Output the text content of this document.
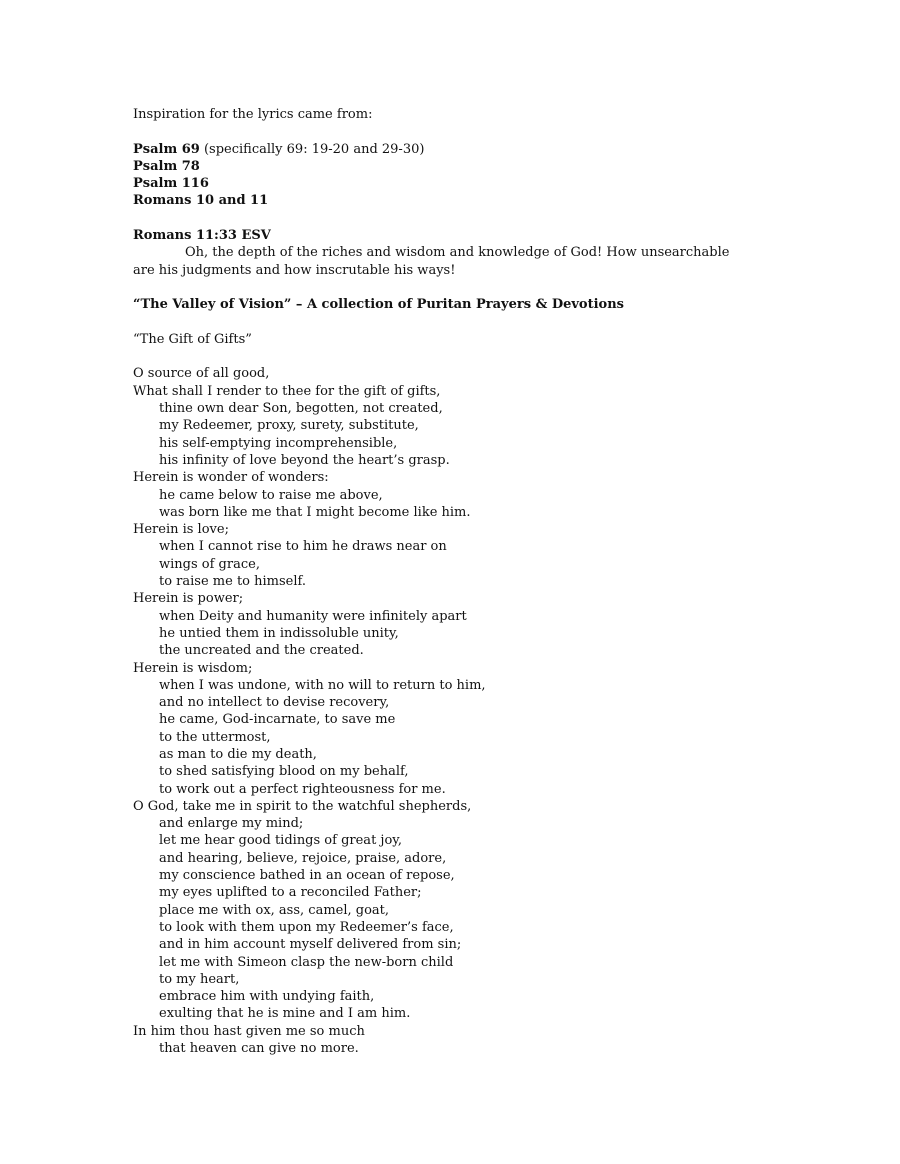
Inspiration for the lyrics came from:
Psalm 69 (specifically 69: 19-20 and 29-30)
Psalm 78
Psalm 116
Romans 10 and 11
Romans 11:33 ESV
Oh, the depth of the riches and wisdom and knowledge of God! How unsearchable are his judgments and how inscrutable his ways!
“The Valley of Vision” – A collection of Puritan Prayers & Devotions
“The Gift of Gifts”
O source of all good,
What shall I render to thee for the gift of gifts,
thine own dear Son, begotten, not created,
my Redeemer, proxy, surety, substitute,
his self-emptying incomprehensible,
his infinity of love beyond the heart’s grasp.
Herein is wonder of wonders:
he came below to raise me above,
was born like me that I might become like him.
Herein is love;
when I cannot rise to him he draws near on
wings of grace,
to raise me to himself.
Herein is power;
when Deity and humanity were infinitely apart
he untied them in indissoluble unity,
the uncreated and the created.
Herein is wisdom;
when I was undone, with no will to return to him,
and no intellect to devise recovery,
he came, God-incarnate, to save me
to the uttermost,
as man to die my death,
to shed satisfying blood on my behalf,
to work out a perfect righteousness for me.
O God, take me in spirit to the watchful shepherds,
and enlarge my mind;
let me hear good tidings of great joy,
and hearing, believe, rejoice, praise, adore,
my conscience bathed in an ocean of repose,
my eyes uplifted to a reconciled Father;
place me with ox, ass, camel, goat,
to look with them upon my Redeemer’s face,
and in him account myself delivered from sin;
let me with Simeon clasp the new-born child
to my heart,
embrace him with undying faith,
exulting that he is mine and I am him.
In him thou hast given me so much
that heaven can give no more.
